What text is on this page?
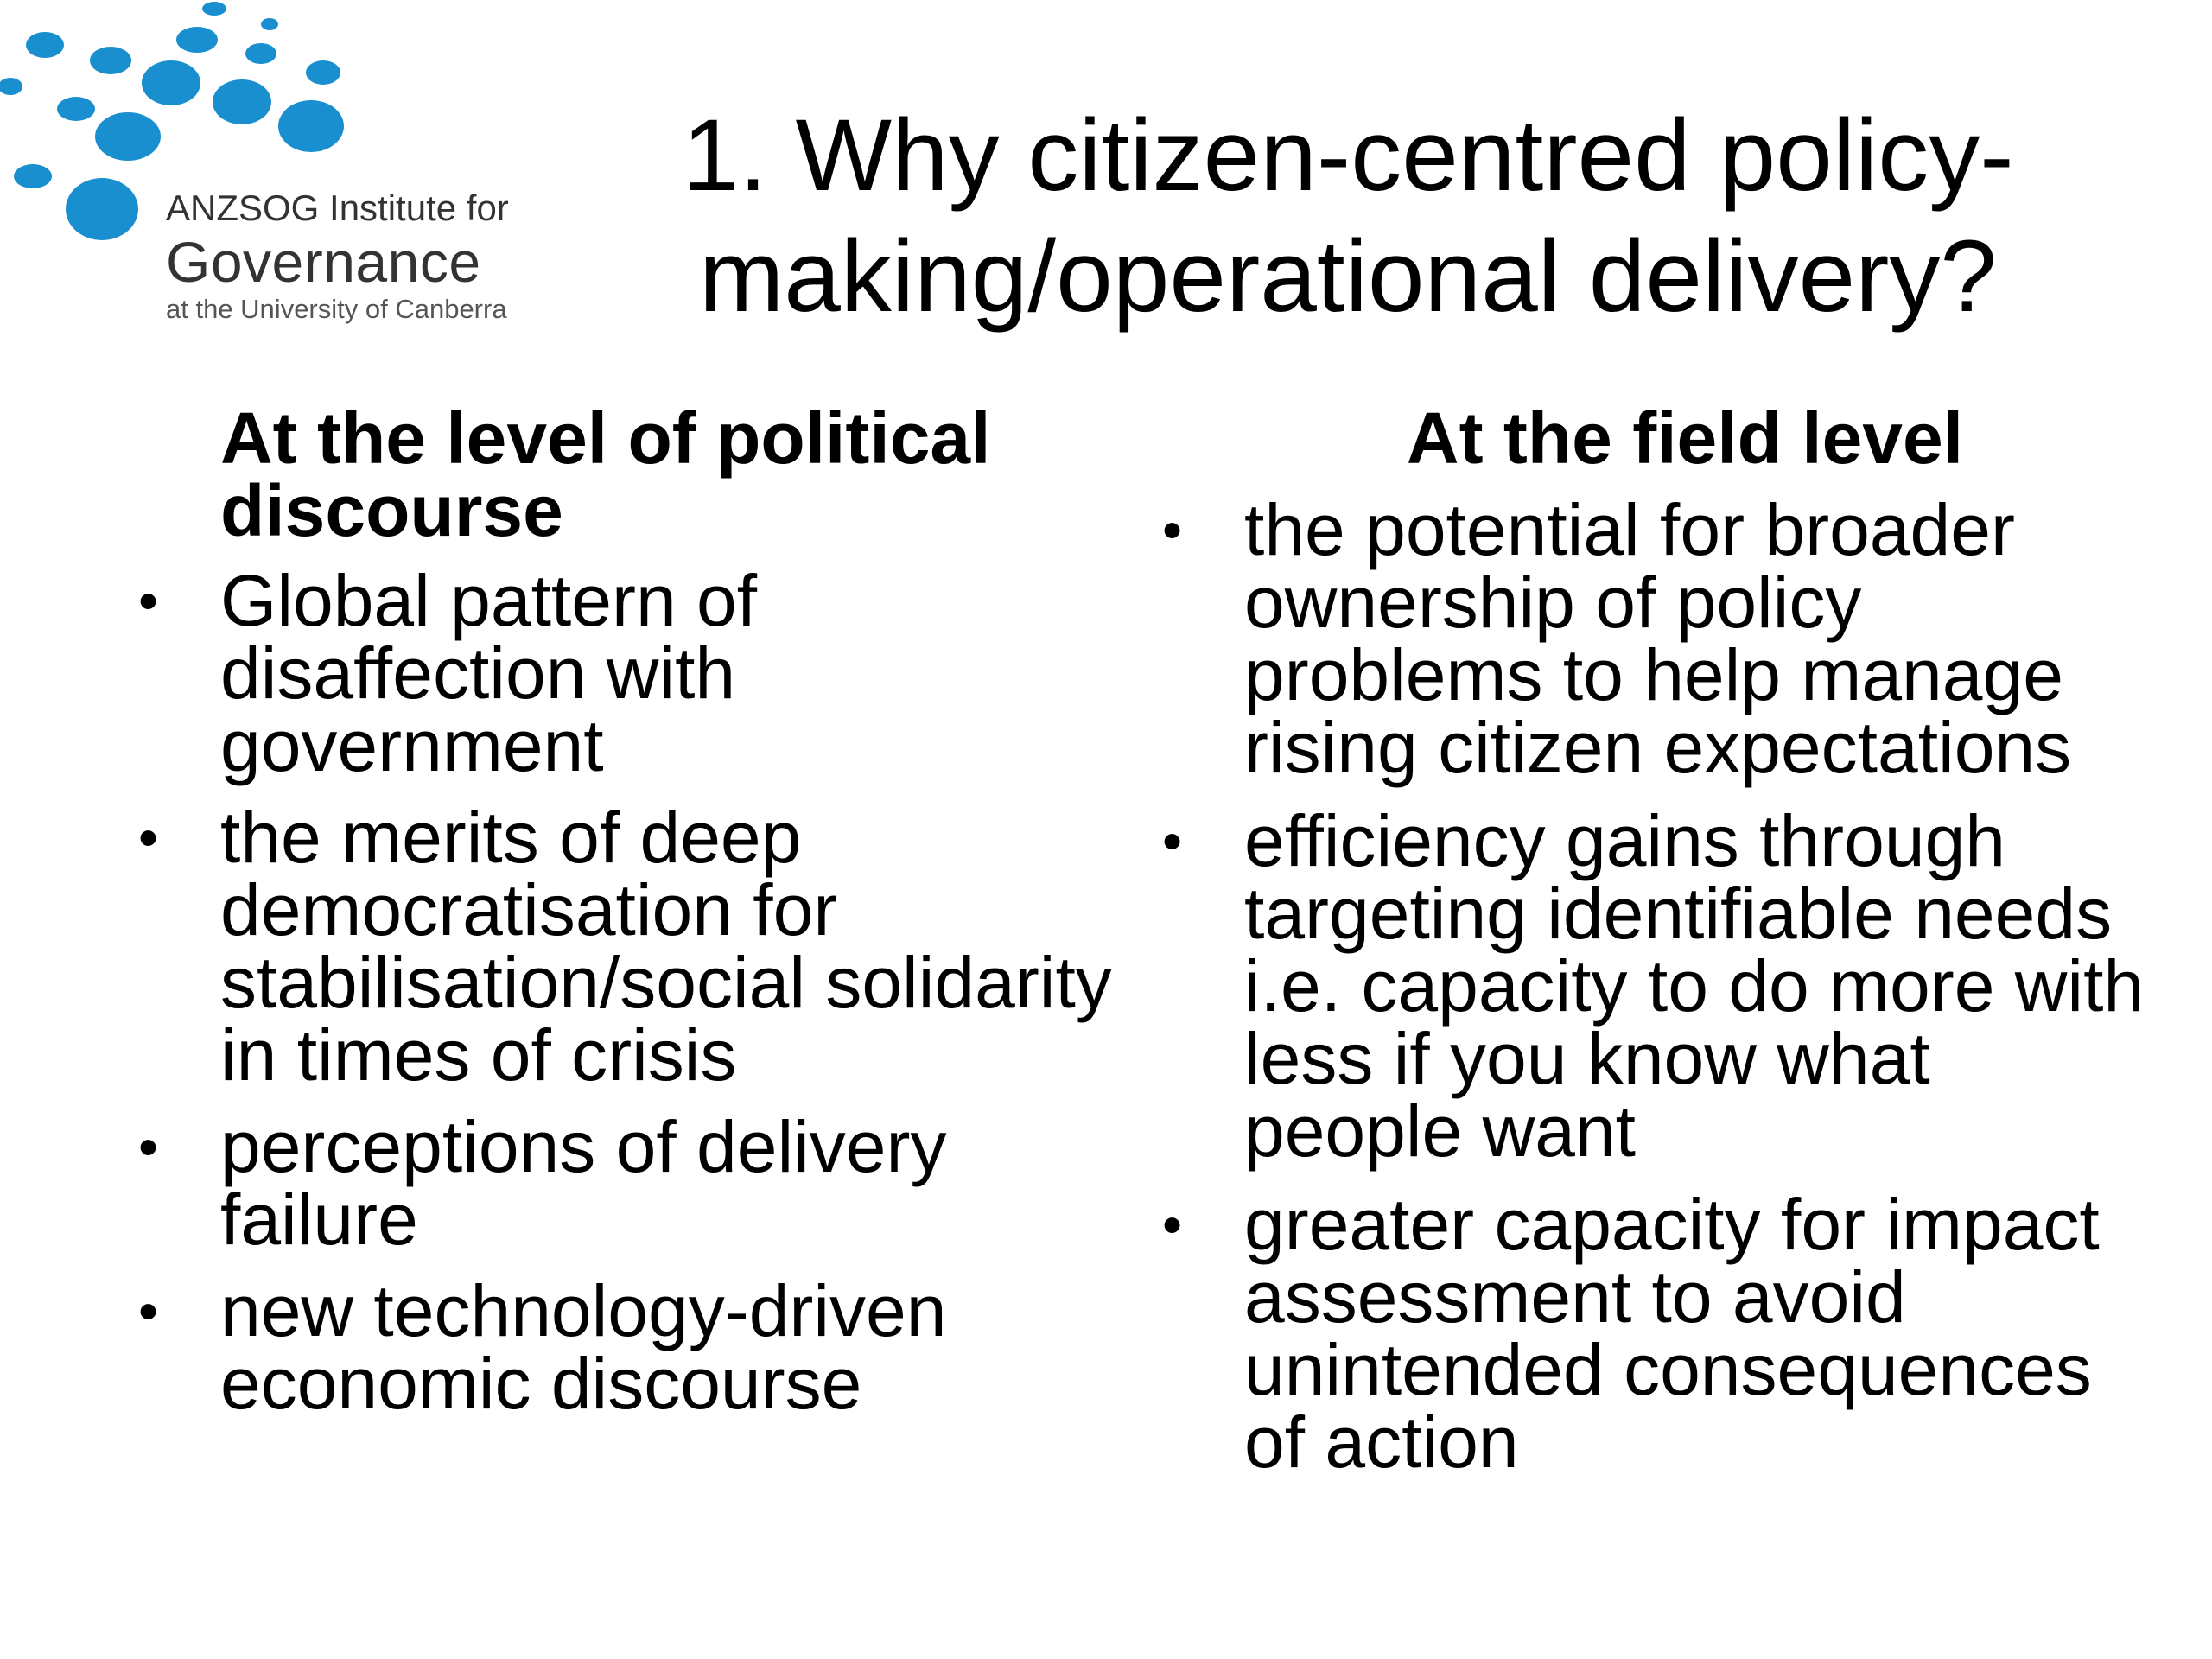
ANZSOG Institute for
Governance
at the University of Canberra
1. Why citizen-centred policy-
making/operational delivery?
At the level of political
discourse
• Global pattern of disaffection with government
• the merits of deep democratisation for stabilisation/social solidarity in times of crisis
• perceptions of delivery failure
• new technology-driven economic discourse
At the field level
• the potential for broader ownership of policy problems to help manage rising citizen expectations
• efficiency gains through targeting identifiable needs i.e. capacity to do more with less if you know what people want
• greater capacity for impact assessment to avoid unintended consequences of action
